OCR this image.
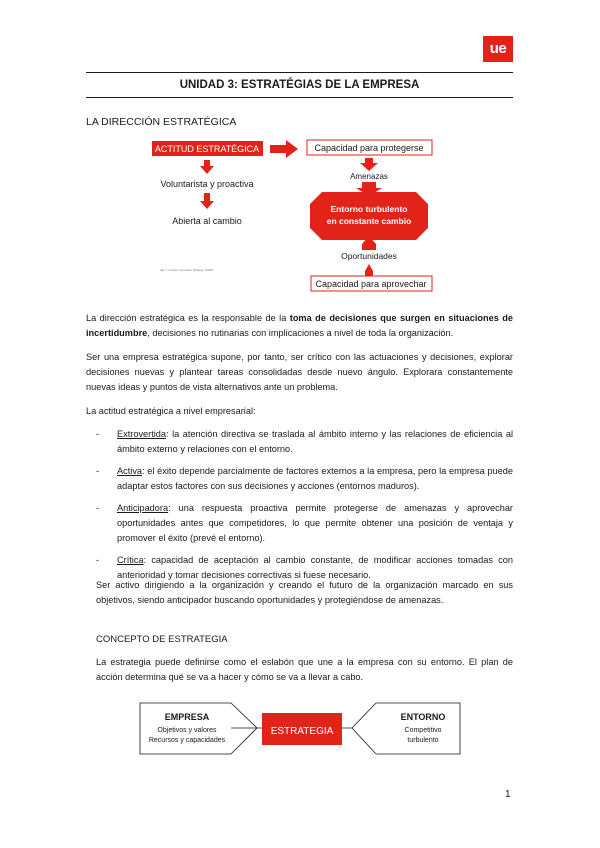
ue
UNIDAD 3: ESTRATÉGIAS DE LA EMPRESA
LA DIRECCIÓN ESTRATÉGICA
ACTITUD ESTRATÉGICA
Voluntarista y proactiva
Abierta al cambio
Igor I. Ansoff, Corporate Strategy (1965)
Capacidad para protegerse
Amenazas
Entorno turbulento
en constante cambio
Oportunidades
Capacidad para aprovechar

La dirección estratégica es la responsable de la toma de decisiones que surgen en situaciones de incertidumbre, decisiones no rutinarias con implicaciones a nivel de toda la organización.

Ser una empresa estratégica supone, por tanto, ser crítico con las actuaciones y decisiones, explorar decisiones nuevas y plantear tareas consolidadas desde nuevo ángulo. Explorara constantemente nuevas ideas y puntos de vista alternativos ante un problema.

La actitud estratégica a nivel empresarial:

- Extrovertida: la atención directiva se traslada al ámbito interno y las relaciones de eficiencia al ámbito externo y relaciones con el entorno.
- Activa: el éxito depende parcialmente de factores externos a la empresa, pero la empresa puede adaptar estos factores con sus decisiones y acciones (entornos maduros).
- Anticipadora: una respuesta proactiva permite protegerse de amenazas y aprovechar oportunidades antes que competidores, lo que permite obtener una posición de ventaja y promover el éxito (prevé el entorno).
- Crítica: capacidad de aceptación al cambio constante, de modificar acciones tomadas con anterioridad y tomar decisiones correctivas si fuese necesario.

Ser activo dirigiendo a la organización y creando el futuro de la organización marcado en sus objetivos, siendo anticipador buscando oportunidades y protegiéndose de amenazas.

CONCEPTO DE ESTRATEGIA

La estrategia puede definirse como el eslabón que une a la empresa con su entorno. El plan de acción determina qué se va a hacer y cómo se va a llevar a cabo.

EMPRESA
Objetivos y valores
Recursos y capacidades
ESTRATEGIA
ENTORNO
Competitivo
turbulento
1
